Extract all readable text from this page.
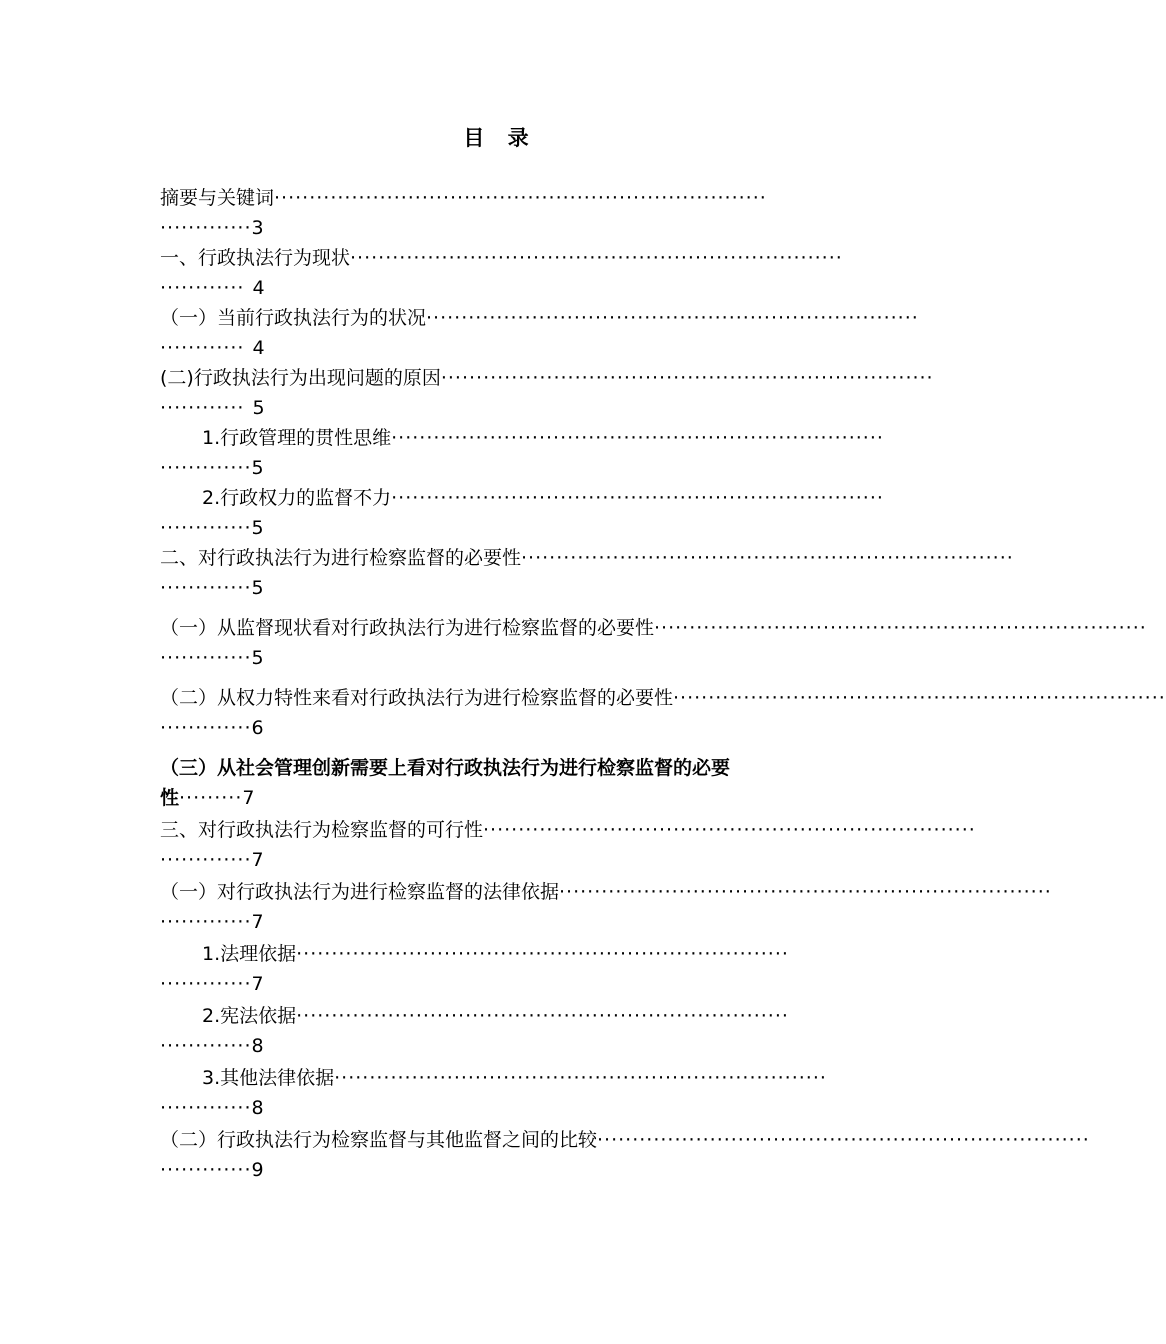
目 录
摘要与关键词 ······································································
············· 3
一、行政执法行为现状 ······································································
············ 4
（一）当前行政执法行为的状况 ······································································
············ 4
(二)行政执法行为出现问题的原因 ······································································
············ 5
1.行政管理的贯性思维 ······································································
············· 5
2.行政权力的监督不力 ······································································
············· 5
二、对行政执法行为进行检察监督的必要性 ······································································
············· 5
（一）从监督现状看对行政执法行为进行检察监督的必要性 ······································································
············· 5
（二）从权力特性来看对行政执法行为进行检察监督的必要性 ······································································
············· 6
（三）从社会管理创新需要上看对行政执法行为进行检察监督的必要
性 ········· 7
三、对行政执法行为检察监督的可行性 ······································································
············· 7
（一）对行政执法行为进行检察监督的法律依据 ······································································
············· 7
1.法理依据 ······································································
············· 7
2.宪法依据 ······································································
············· 8
3.其他法律依据 ······································································
············· 8
（二）行政执法行为检察监督与其他监督之间的比较 ······································································
············· 9
